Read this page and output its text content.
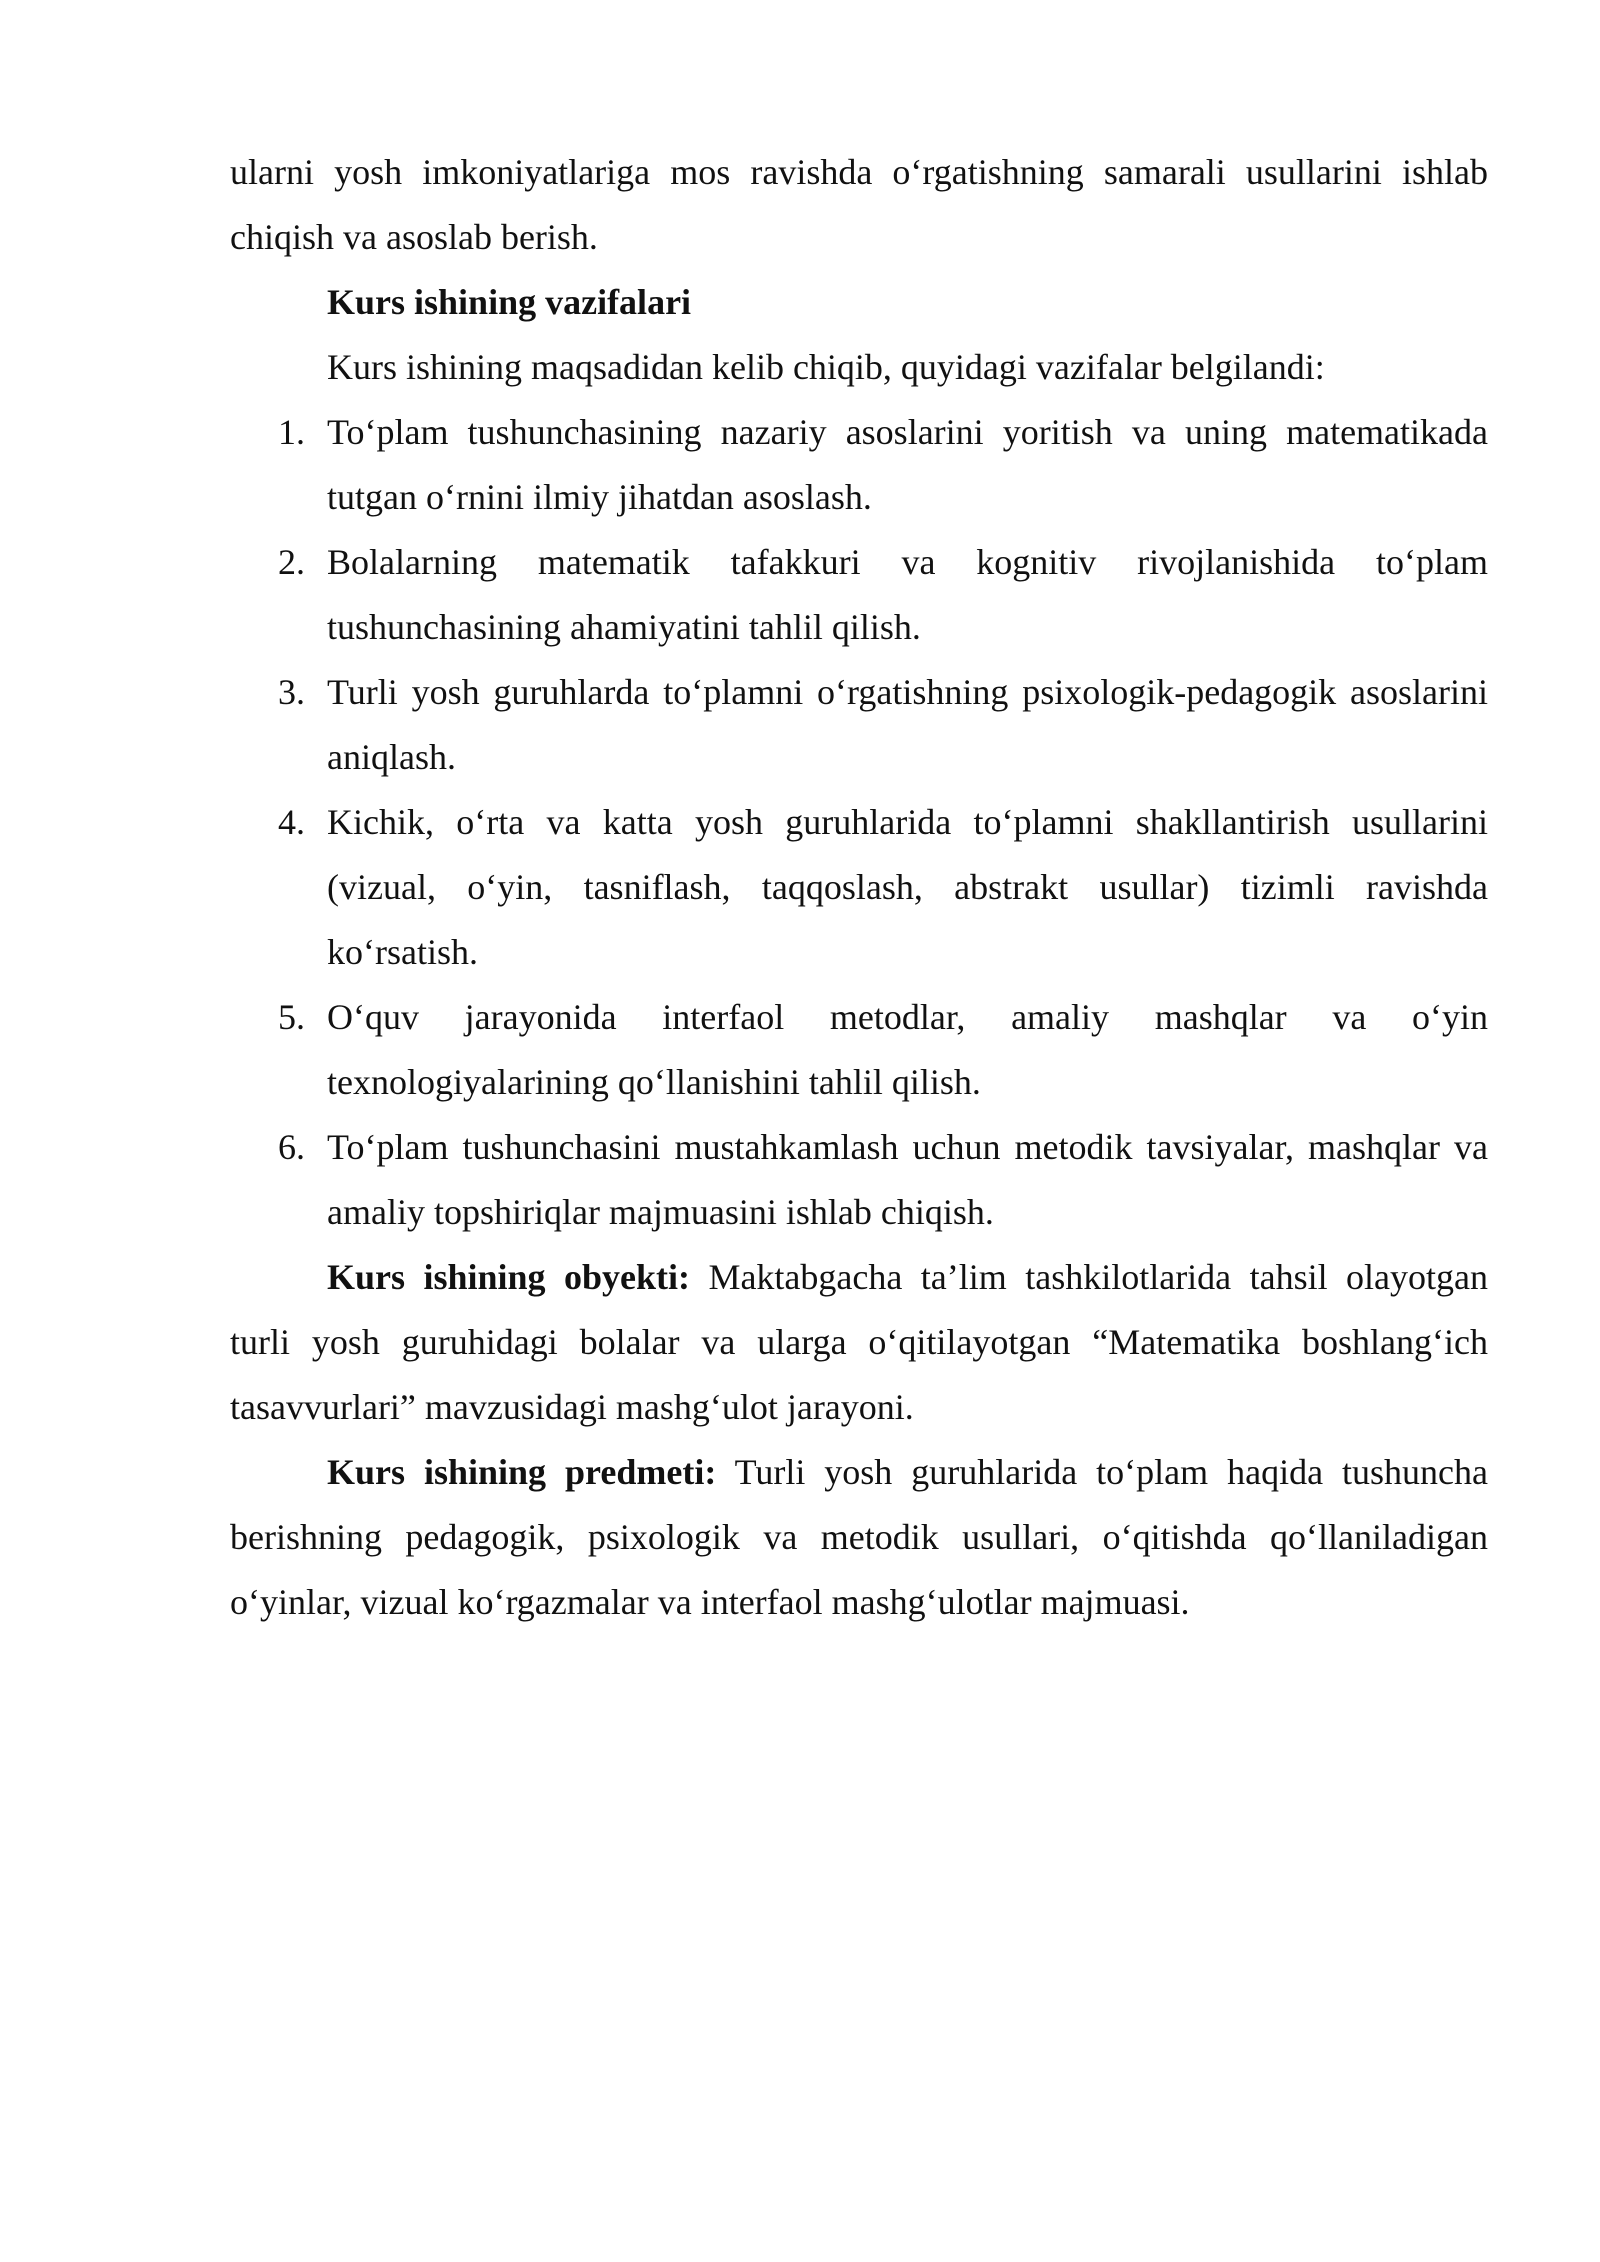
ularni yosh imkoniyatlariga mos ravishda o‘rgatishning samarali usullarini ishlab chiqish va asoslab berish.

Kurs ishining vazifalari

Kurs ishining maqsadidan kelib chiqib, quyidagi vazifalar belgilandi:

1. To‘plam tushunchasining nazariy asoslarini yoritish va uning matematikada tutgan o‘rnini ilmiy jihatdan asoslash.
2. Bolalarning matematik tafakkuri va kognitiv rivojlanishida to‘plam tushunchasining ahamiyatini tahlil qilish.
3. Turli yosh guruhlarda to‘plamni o‘rgatishning psixologik-pedagogik asoslarini aniqlash.
4. Kichik, o‘rta va katta yosh guruhlarida to‘plamni shakllantirish usullarini (vizual, o‘yin, tasniflash, taqqoslash, abstrakt usullar) tizimli ravishda ko‘rsatish.
5. O‘quv jarayonida interfaol metodlar, amaliy mashqlar va o‘yin texnologiyalarining qo‘llanishini tahlil qilish.
6. To‘plam tushunchasini mustahkamlash uchun metodik tavsiyalar, mashqlar va amaliy topshiriqlar majmuasini ishlab chiqish.

Kurs ishining obyekti: Maktabgacha ta’lim tashkilotlarida tahsil olayotgan turli yosh guruhidagi bolalar va ularga o‘qitilayotgan “Matematika boshlang‘ich tasavvurlari” mavzusidagi mashg‘ulot jarayoni.

Kurs ishining predmeti: Turli yosh guruhlarida to‘plam haqida tushuncha berishning pedagogik, psixologik va metodik usullari, o‘qitishda qo‘llaniladigan o‘yinlar, vizual ko‘rgazmalar va interfaol mashg‘ulotlar majmuasi.
